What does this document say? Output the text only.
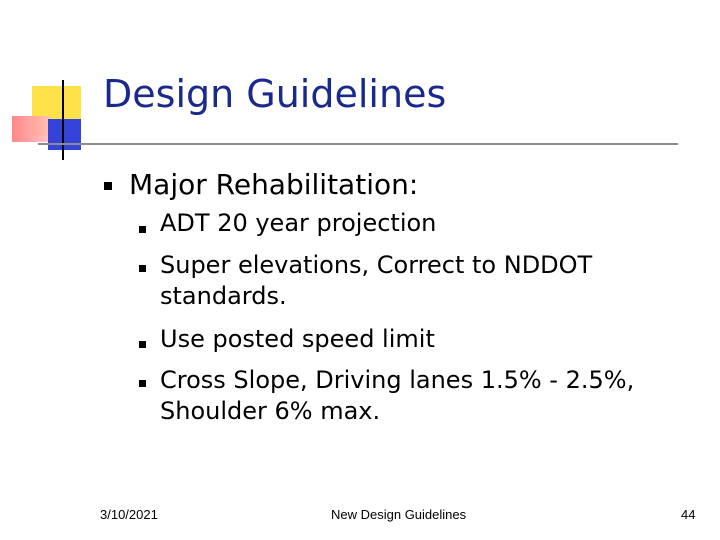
Design Guidelines
Major Rehabilitation:
ADT 20 year projection
Super elevations, Correct to NDDOT
standards.
Use posted speed limit
Cross Slope, Driving lanes 1.5% - 2.5%,
Shoulder 6% max.
3/10/2021	New Design Guidelines	44
